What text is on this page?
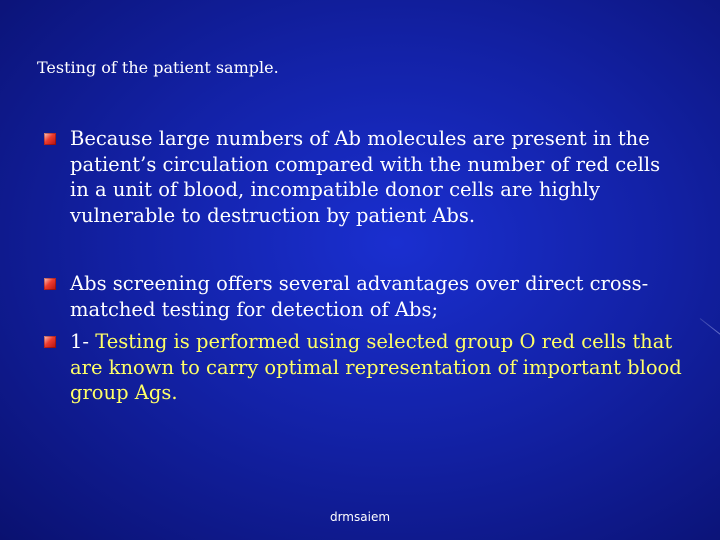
Testing of the patient sample.
Because large numbers of Ab molecules are present in the patient’s circulation compared with the number of red cells in a unit of blood, incompatible donor cells are highly vulnerable to destruction by patient Abs.
Abs screening offers several advantages over direct cross-matched testing for detection of Abs;
1- Testing is performed using selected group O red cells that are known to carry optimal representation of important blood group Ags.
drmsaiem
